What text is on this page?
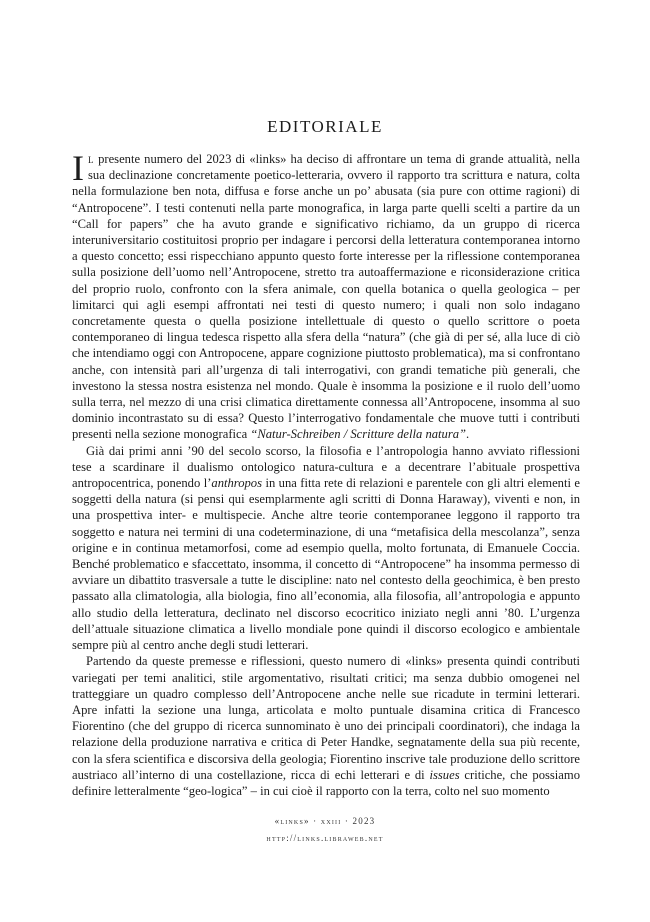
EDITORIALE

Il presente numero del 2023 di «links» ha deciso di affrontare un tema di grande attualità, nella sua declinazione concretamente poetico-letteraria, ovvero il rapporto tra scrittura e natura, colta nella formulazione ben nota, diffusa e forse anche un po’ abusata (sia pure con ottime ragioni) di “Antropocene”. I testi contenuti nella parte monografica, in larga parte quelli scelti a partire da un “Call for papers” che ha avuto grande e significativo richiamo, da un gruppo di ricerca interuniversitario costituitosi proprio per indagare i percorsi della letteratura contemporanea intorno a questo concetto; essi rispecchiano appunto questo forte interesse per la riflessione contemporanea sulla posizione dell’uomo nell’Antropocene, stretto tra autoaffermazione e riconsiderazione critica del proprio ruolo, confronto con la sfera animale, con quella botanica o quella geologica – per limitarci qui agli esempi affrontati nei testi di questo numero; i quali non solo indagano concretamente questa o quella posizione intellettuale di questo o quello scrittore o poeta contemporaneo di lingua tedesca rispetto alla sfera della “natura” (che già di per sé, alla luce di ciò che intendiamo oggi con Antropocene, appare cognizione piuttosto problematica), ma si confrontano anche, con intensità pari all’urgenza di tali interrogativi, con grandi tematiche più generali, che investono la stessa nostra esistenza nel mondo. Quale è insomma la posizione e il ruolo dell’uomo sulla terra, nel mezzo di una crisi climatica direttamente connessa all’Antropocene, insomma al suo dominio incontrastato su di essa? Questo l’interrogativo fondamentale che muove tutti i contributi presenti nella sezione monografica “Natur-Schreiben / Scritture della natura”.

Già dai primi anni ’90 del secolo scorso, la filosofia e l’antropologia hanno avviato riflessioni tese a scardinare il dualismo ontologico natura-cultura e a decentrare l’abituale prospettiva antropocentrica, ponendo l’anthropos in una fitta rete di relazioni e parentele con gli altri elementi e soggetti della natura (si pensi qui esemplarmente agli scritti di Donna Haraway), viventi e non, in una prospettiva inter- e multispecie. Anche altre teorie contemporanee leggono il rapporto tra soggetto e natura nei termini di una codeterminazione, di una “metafisica della mescolanza”, senza origine e in continua metamorfosi, come ad esempio quella, molto fortunata, di Emanuele Coccia. Benché problematico e sfaccettato, insomma, il concetto di “Antropocene” ha insomma permesso di avviare un dibattito trasversale a tutte le discipline: nato nel contesto della geochimica, è ben presto passato alla climatologia, alla biologia, fino all’economia, alla filosofia, all’antropologia e appunto allo studio della letteratura, declinato nel discorso ecocritico iniziato negli anni ’80. L’urgenza dell’attuale situazione climatica a livello mondiale pone quindi il discorso ecologico e ambientale sempre più al centro anche degli studi letterari.

Partendo da queste premesse e riflessioni, questo numero di «links» presenta quindi contributi variegati per temi analitici, stile argomentativo, risultati critici; ma senza dubbio omogenei nel tratteggiare un quadro complesso dell’Antropocene anche nelle sue ricadute in termini letterari. Apre infatti la sezione una lunga, articolata e molto puntuale disamina critica di Francesco Fiorentino (che del gruppo di ricerca sunnominato è uno dei principali coordinatori), che indaga la relazione della produzione narrativa e critica di Peter Handke, segnatamente della sua più recente, con la sfera scientifica e discorsiva della geologia; Fiorentino inscrive tale produzione dello scrittore austriaco all’interno di una costellazione, ricca di echi letterari e di issues critiche, che possiamo definire letteralmente “geo-logica” – in cui cioè il rapporto con la terra, colto nel suo momento

«links» · xxiii · 2023
http://links.libraweb.net
